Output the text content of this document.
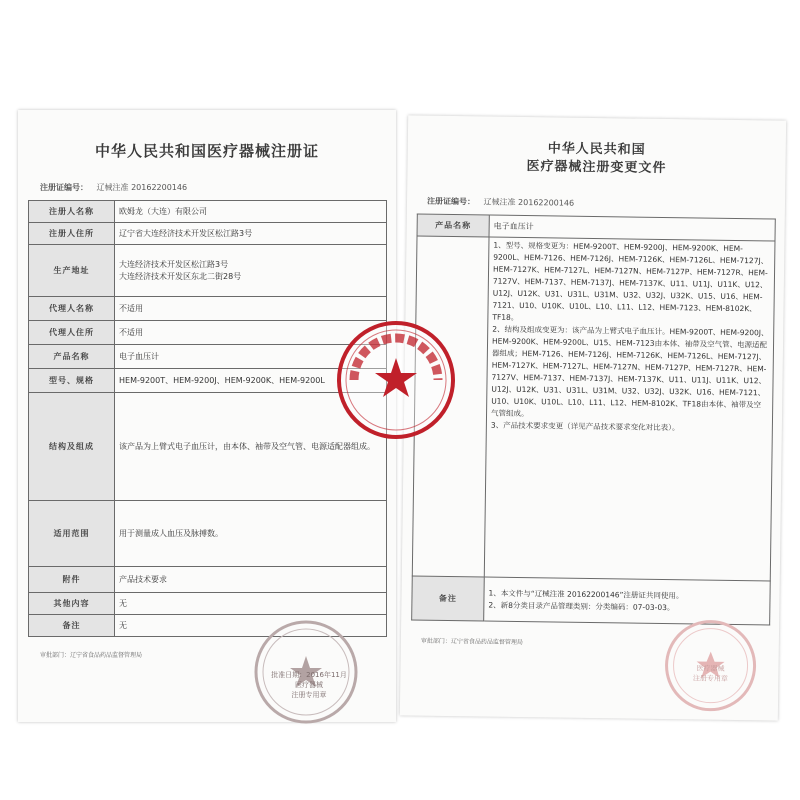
中华人民共和国医疗器械注册证
注册证编号： 辽械注准 20162200146
注册人名称	欧姆龙（大连）有限公司
注册人住所	辽宁省大连经济技术开发区松江路3号
生产地址	大连经济技术开发区松江路3号
大连经济技术开发区东北二街28号
代理人名称	不适用
代理人住所	不适用
产品名称	电子血压计
型号、规格	HEM-9200T、HEM-9200J、HEM-9200K、HEM-9200L
结构及组成	该产品为上臂式电子血压计，由本体、袖带及空气管、电源适配器组成。
适用范围	用于测量成人血压及脉搏数。
附件	产品技术要求
其他内容	无
备注	无
审批部门：辽宁省食品药品监督管理局
批准日期：2016年11月
医疗器械
注册专用章
中华人民共和国
医疗器械注册变更文件
注册证编号： 辽械注准 20162200146
产品名称	电子血压计
	1、型号、规格变更为：HEM-9200T、HEM-9200J、HEM-9200K、HEM-9200L、HEM-7126、HEM-7126J、HEM-7126K、HEM-7126L、HEM-7127J、HEM-7127K、HEM-7127L、HEM-7127N、HEM-7127P、HEM-7127R、HEM-7127V、HEM-7137、HEM-7137J、HEM-7137K、U11、U11J、U11K、U12、U12J、U12K、U31、U31L、U31M、U32、U32J、U32K、U15、U16、HEM-7121、U10、U10K、U10L、L10、L11、L12、HEM-7123、HEM-8102K、TF18。
2、结构及组成变更为：该产品为上臂式电子血压计。HEM-9200T、HEM-9200J、HEM-9200K、HEM-9200L、U15、HEM-7123由本体、袖带及空气管、电源适配器组成；HEM-7126、HEM-7126J、HEM-7126K、HEM-7126L、HEM-7127J、HEM-7127K、HEM-7127L、HEM-7127N、HEM-7127P、HEM-7127R、HEM-7127V、HEM-7137、HEM-7137J、HEM-7137K、U11、U11J、U11K、U12、U12J、U12K、U31、U31L、U31M、U32、U32J、U32K、U16、HEM-7121、U10、U10K、U10L、L10、L11、L12、HEM-8102K、TF18由本体、袖带及空气管组成。
3、产品技术要求变更（详见产品技术要求变化对比表）。
备注	1、本文件与“辽械注准 20162200146”注册证共同使用。
2、新8分类目录产品管理类别：分类编码：07-03-03。
审批部门：辽宁省食品药品监督管理局
医疗器械
注册专用章
